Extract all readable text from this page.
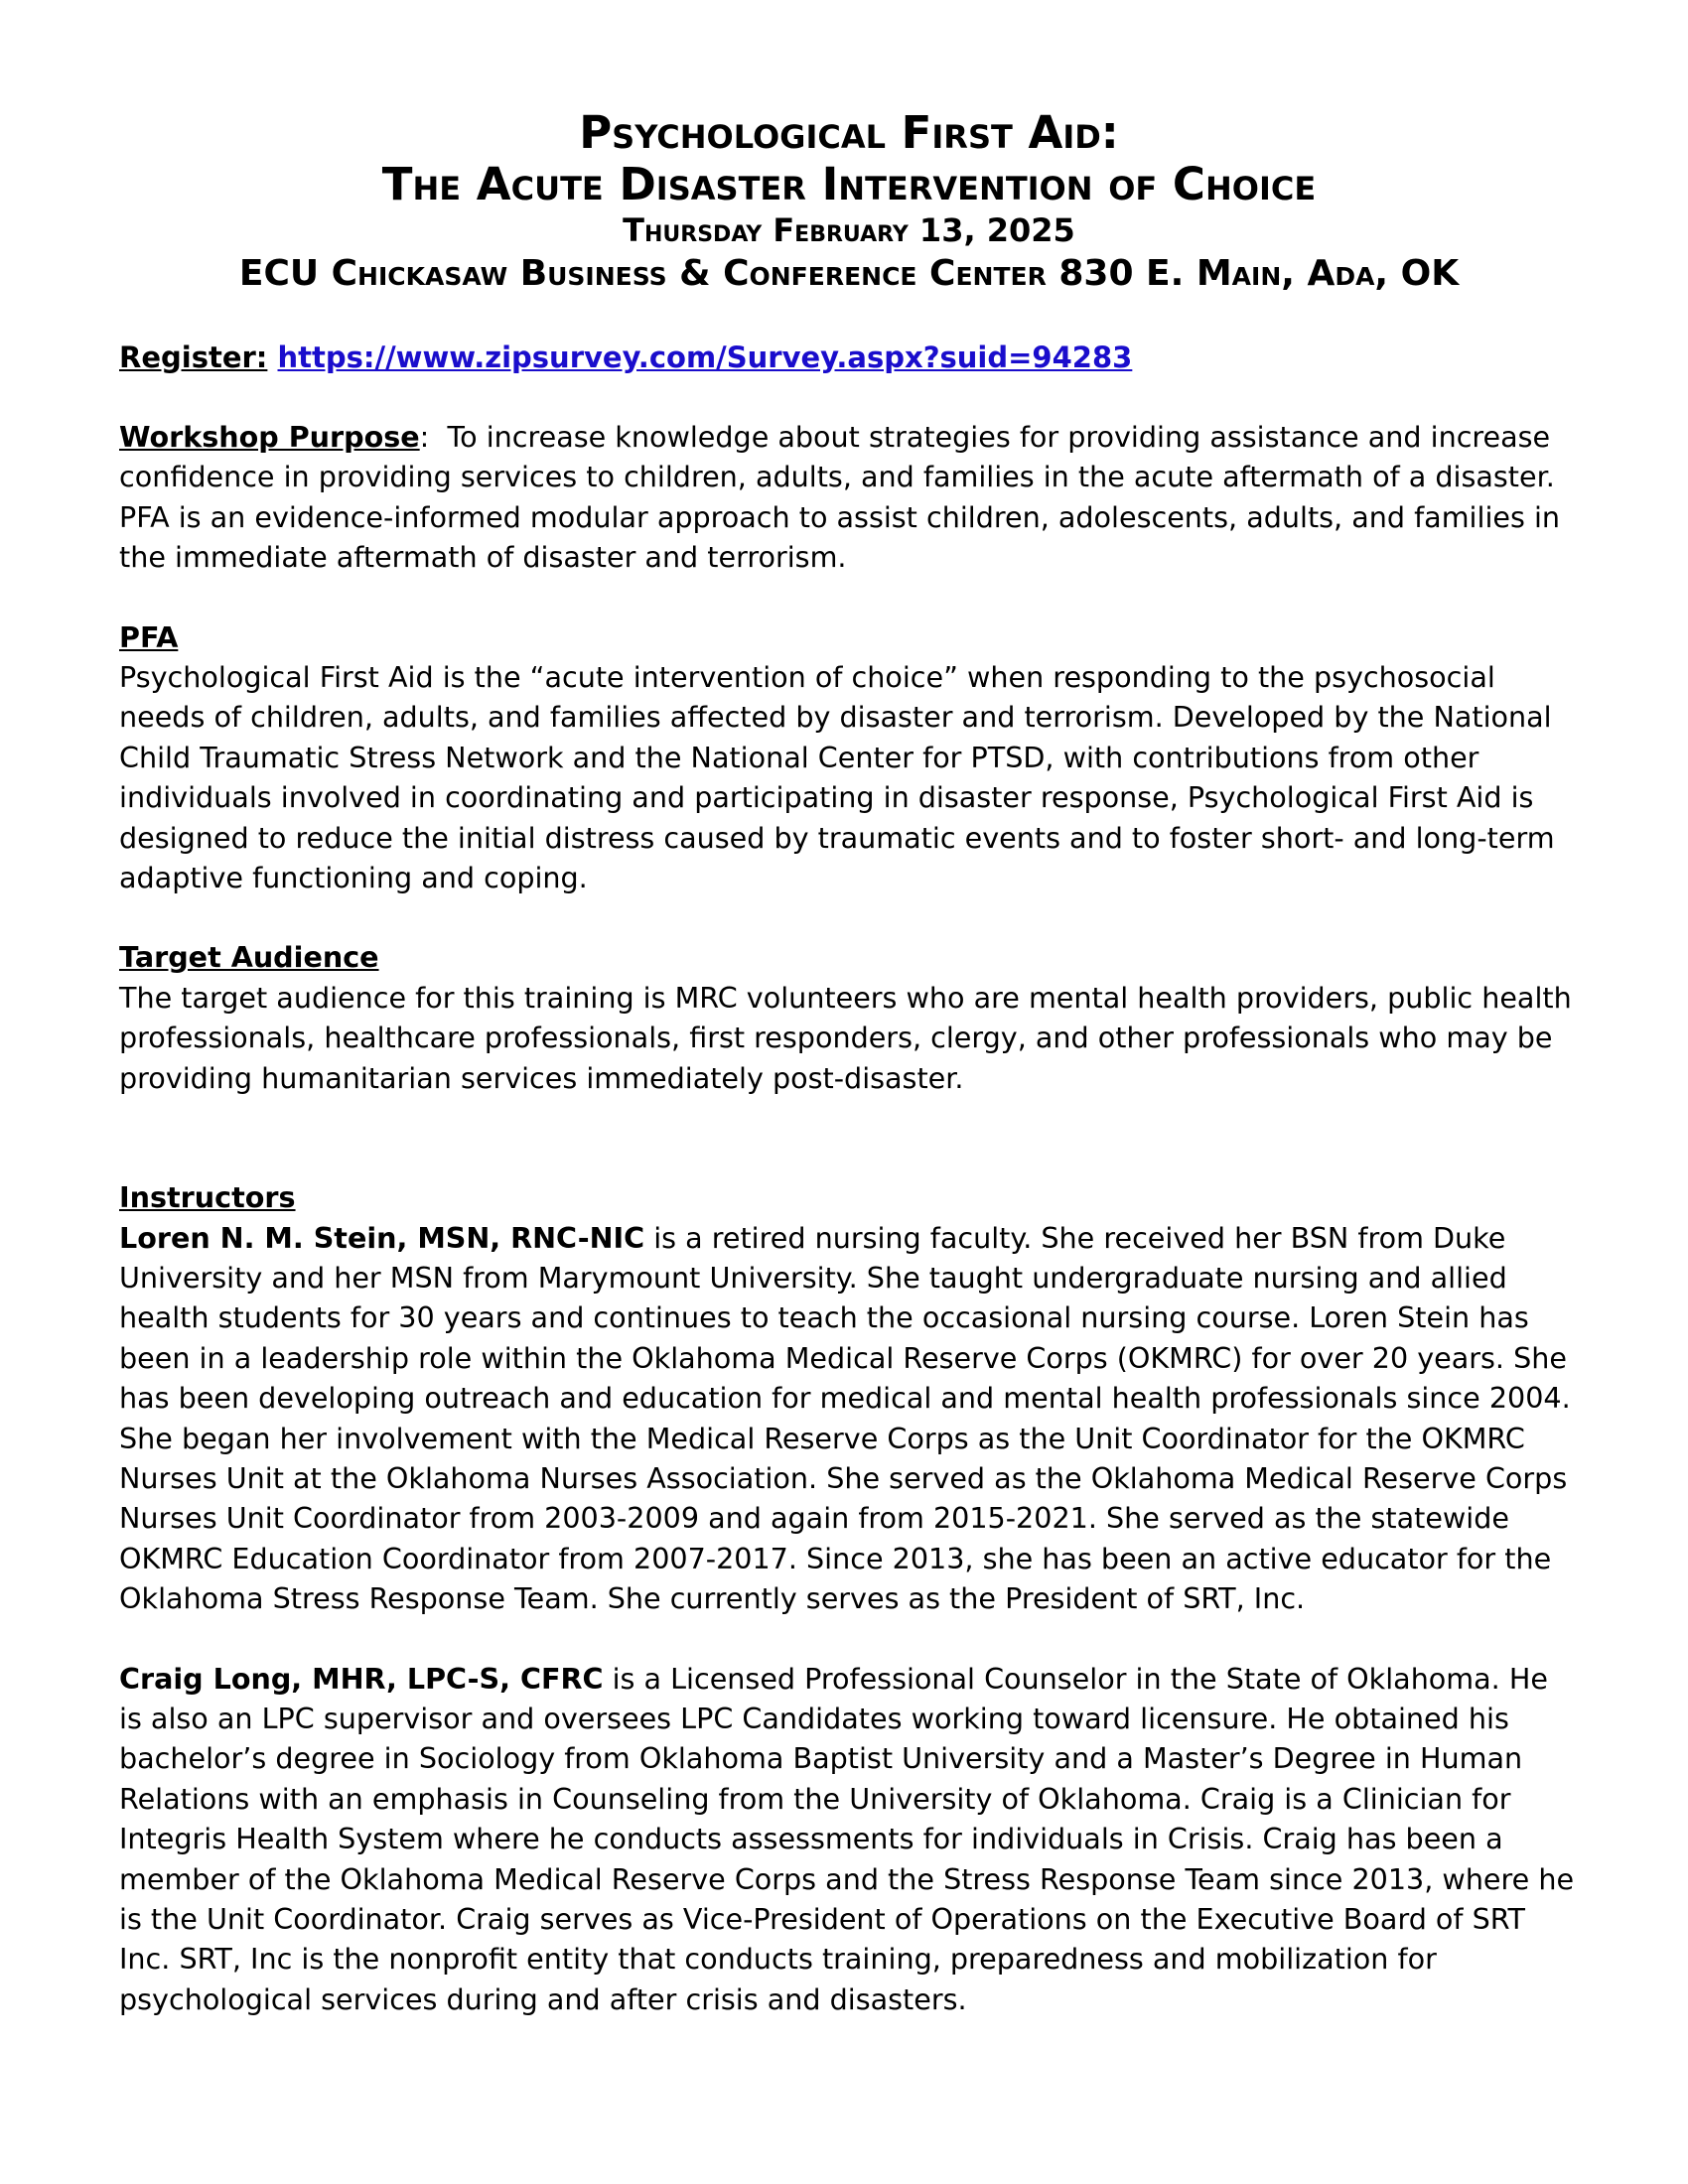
Psychological First Aid:
The Acute Disaster Intervention of Choice
Thursday February 13, 2025
ECU Chickasaw Business & Conference Center 830 E. Main, Ada, OK
Register: https://www.zipsurvey.com/Survey.aspx?suid=94283

Workshop Purpose: To increase knowledge about strategies for providing assistance and increase confidence in providing services to children, adults, and families in the acute aftermath of a disaster. PFA is an evidence-informed modular approach to assist children, adolescents, adults, and families in the immediate aftermath of disaster and terrorism.

PFA

Psychological First Aid is the “acute intervention of choice” when responding to the psychosocial needs of children, adults, and families affected by disaster and terrorism. Developed by the National Child Traumatic Stress Network and the National Center for PTSD, with contributions from other individuals involved in coordinating and participating in disaster response, Psychological First Aid is designed to reduce the initial distress caused by traumatic events and to foster short- and long-term adaptive functioning and coping.

Target Audience

The target audience for this training is MRC volunteers who are mental health providers, public health professionals, healthcare professionals, first responders, clergy, and other professionals who may be providing humanitarian services immediately post-disaster.

Instructors

Loren N. M. Stein, MSN, RNC-NIC is a retired nursing faculty. She received her BSN from Duke University and her MSN from Marymount University. She taught undergraduate nursing and allied health students for 30 years and continues to teach the occasional nursing course. Loren Stein has been in a leadership role within the Oklahoma Medical Reserve Corps (OKMRC) for over 20 years. She has been developing outreach and education for medical and mental health professionals since 2004. She began her involvement with the Medical Reserve Corps as the Unit Coordinator for the OKMRC Nurses Unit at the Oklahoma Nurses Association. She served as the Oklahoma Medical Reserve Corps Nurses Unit Coordinator from 2003-2009 and again from 2015-2021. She served as the statewide OKMRC Education Coordinator from 2007-2017. Since 2013, she has been an active educator for the Oklahoma Stress Response Team. She currently serves as the President of SRT, Inc.

Craig Long, MHR, LPC-S, CFRC is a Licensed Professional Counselor in the State of Oklahoma. He is also an LPC supervisor and oversees LPC Candidates working toward licensure. He obtained his bachelor’s degree in Sociology from Oklahoma Baptist University and a Master’s Degree in Human Relations with an emphasis in Counseling from the University of Oklahoma. Craig is a Clinician for Integris Health System where he conducts assessments for individuals in Crisis. Craig has been a member of the Oklahoma Medical Reserve Corps and the Stress Response Team since 2013, where he is the Unit Coordinator. Craig serves as Vice-President of Operations on the Executive Board of SRT Inc. SRT, Inc is the nonprofit entity that conducts training, preparedness and mobilization for psychological services during and after crisis and disasters.
